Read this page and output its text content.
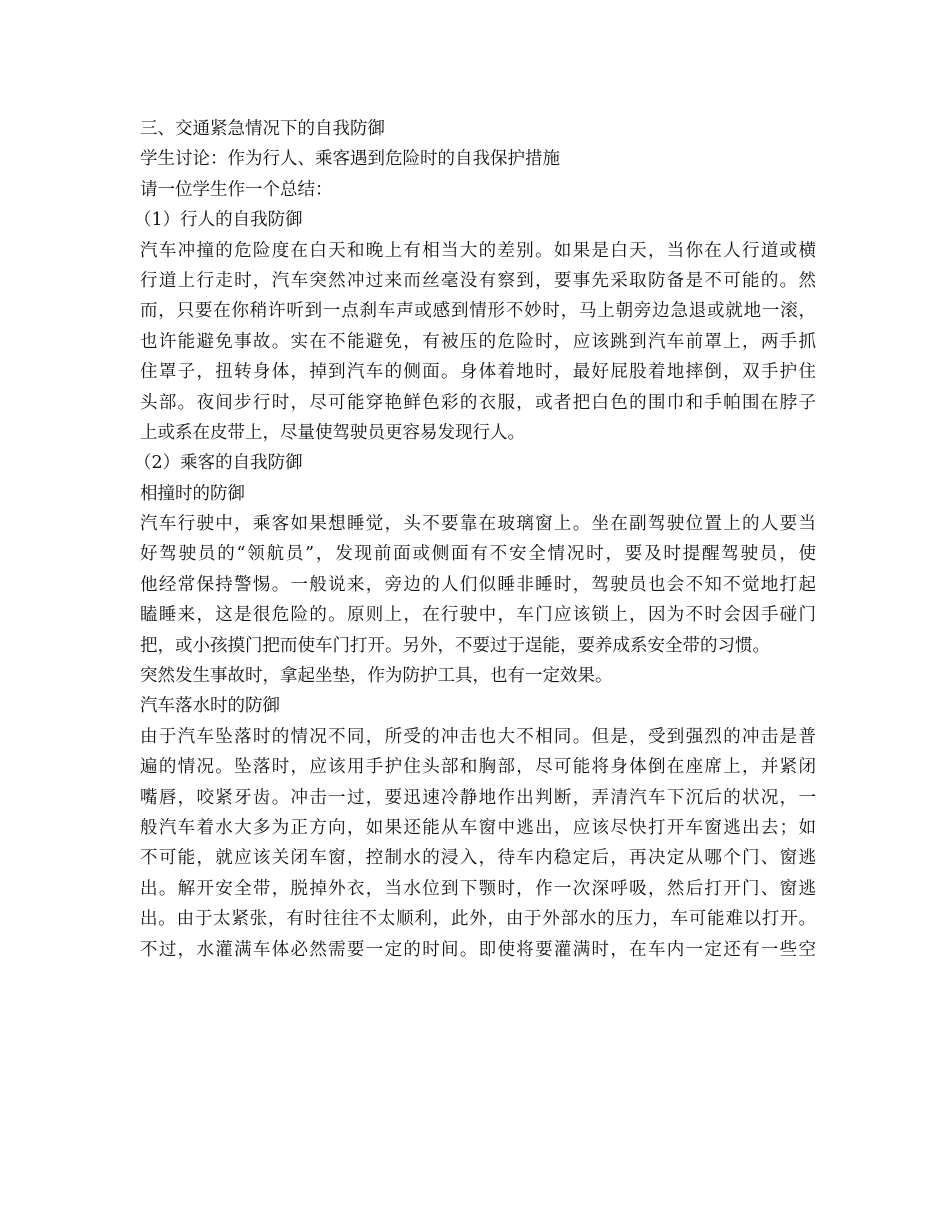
三、交通紧急情况下的自我防御
学生讨论：作为行人、乘客遇到危险时的自我保护措施
请一位学生作一个总结：
（1）行人的自我防御
汽车冲撞的危险度在白天和晚上有相当大的差别。如果是白天，当你在人行道或横
行道上行走时，汽车突然冲过来而丝毫没有察到，要事先采取防备是不可能的。然
而，只要在你稍许听到一点刹车声或感到情形不妙时，马上朝旁边急退或就地一滚，
也许能避免事故。实在不能避免，有被压的危险时，应该跳到汽车前罩上，两手抓
住罩子，扭转身体，掉到汽车的侧面。身体着地时，最好屁股着地摔倒，双手护住
头部。夜间步行时，尽可能穿艳鲜色彩的衣服，或者把白色的围巾和手帕围在脖子
上或系在皮带上，尽量使驾驶员更容易发现行人。
（2）乘客的自我防御
相撞时的防御
汽车行驶中，乘客如果想睡觉，头不要靠在玻璃窗上。坐在副驾驶位置上的人要当
好驾驶员的“领航员”，发现前面或侧面有不安全情况时，要及时提醒驾驶员，使
他经常保持警惕。一般说来，旁边的人们似睡非睡时，驾驶员也会不知不觉地打起
瞌睡来，这是很危险的。原则上，在行驶中，车门应该锁上，因为不时会因手碰门
把，或小孩摸门把而使车门打开。另外，不要过于逞能，要养成系安全带的习惯。
突然发生事故时，拿起坐垫，作为防护工具，也有一定效果。
汽车落水时的防御
由于汽车坠落时的情况不同，所受的冲击也大不相同。但是，受到强烈的冲击是普
遍的情况。坠落时，应该用手护住头部和胸部，尽可能将身体倒在座席上，并紧闭
嘴唇，咬紧牙齿。冲击一过，要迅速冷静地作出判断，弄清汽车下沉后的状况，一
般汽车着水大多为正方向，如果还能从车窗中逃出，应该尽快打开车窗逃出去；如
不可能，就应该关闭车窗，控制水的浸入，待车内稳定后，再决定从哪个门、窗逃
出。解开安全带，脱掉外衣，当水位到下颚时，作一次深呼吸，然后打开门、窗逃
出。由于太紧张，有时往往不太顺利，此外，由于外部水的压力，车可能难以打开。
不过，水灌满车体必然需要一定的时间。即使将要灌满时，在车内一定还有一些空
